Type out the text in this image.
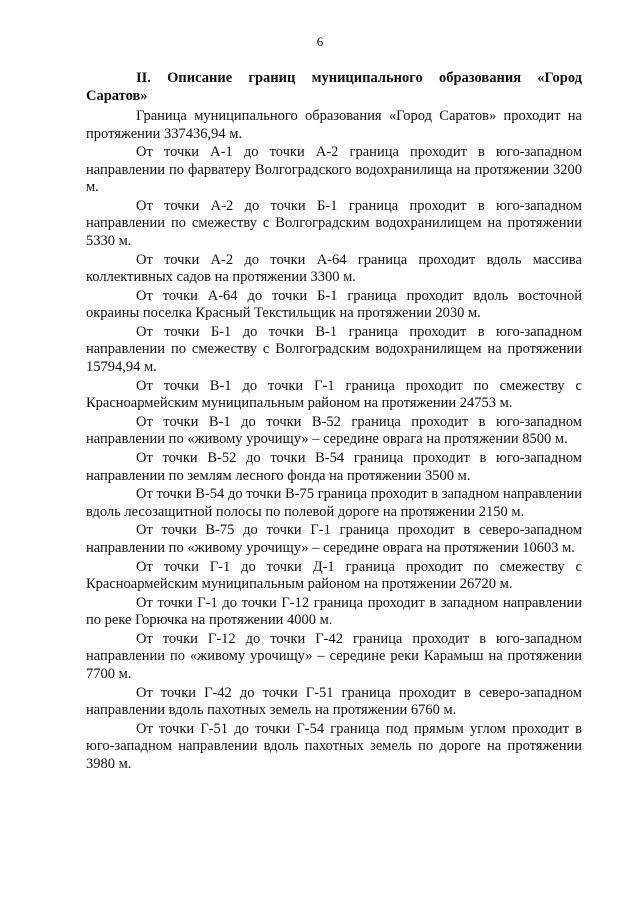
6
II. Описание границ муниципального образования «Город Саратов»

Граница муниципального образования «Город Саратов» проходит на протяжении 337436,94 м.

От точки А-1 до точки А-2 граница проходит в юго-западном направлении по фарватеру Волгоградского водохранилища на протяжении 3200 м.

От точки А-2 до точки Б-1 граница проходит в юго-западном направлении по смежеству с Волгоградским водохранилищем на протяжении 5330 м.

От точки А-2 до точки А-64 граница проходит вдоль массива коллективных садов на протяжении 3300 м.

От точки А-64 до точки Б-1 граница проходит вдоль восточной окраины поселка Красный Текстильщик на протяжении 2030 м.

От точки Б-1 до точки В-1 граница проходит в юго-западном направлении по смежеству с Волгоградским водохранилищем на протяжении 15794,94 м.

От точки В-1 до точки Г-1 граница проходит по смежеству с Красноармейским муниципальным районом на протяжении 24753 м.

От точки В-1 до точки В-52 граница проходит в юго-западном направлении по «живому урочищу» – середине оврага на протяжении 8500 м.

От точки В-52 до точки В-54 граница проходит в юго-западном направлении по землям лесного фонда на протяжении 3500 м.

От точки В-54 до точки В-75 граница проходит в западном направлении вдоль лесозащитной полосы по полевой дороге на протяжении 2150 м.

От точки В-75 до точки Г-1 граница проходит в северо-западном направлении по «живому урочищу» – середине оврага на протяжении 10603 м.

От точки Г-1 до точки Д-1 граница проходит по смежеству с Красноармейским муниципальным районом на протяжении 26720 м.

От точки Г-1 до точки Г-12 граница проходит в западном направлении по реке Горючка на протяжении 4000 м.

От точки Г-12 до точки Г-42 граница проходит в юго-западном направлении по «живому урочищу» – середине реки Карамыш на протяжении 7700 м.

От точки Г-42 до точки Г-51 граница проходит в северо-западном направлении вдоль пахотных земель на протяжении 6760 м.

От точки Г-51 до точки Г-54 граница под прямым углом проходит в юго-западном направлении вдоль пахотных земель по дороге на протяжении 3980 м.
